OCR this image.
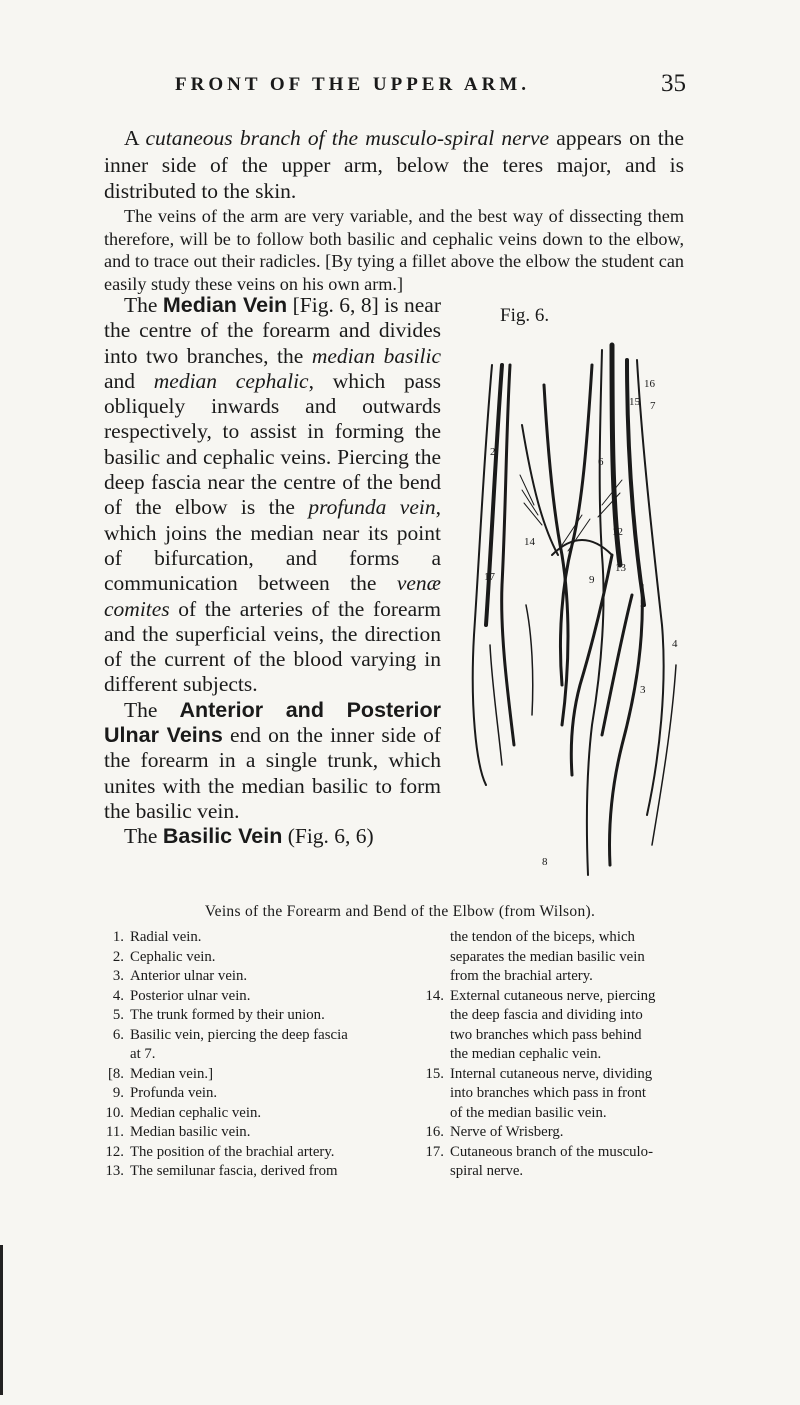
FRONT OF THE UPPER ARM.	35

A cutaneous branch of the musculo-spiral nerve appears on the inner side of the upper arm, below the teres major, and is distributed to the skin.

The veins of the arm are very variable, and the best way of dissecting them therefore, will be to follow both basilic and cephalic veins down to the elbow, and to trace out their radicles. [By tying a fillet above the elbow the student can easily study these veins on his own arm.]

The Median Vein [Fig. 6, 8] is near the centre of the forearm and divides into two branches, the median basilic and median cephalic, which pass obliquely inwards and outwards respectively, to assist in forming the basilic and cephalic veins. Piercing the deep fascia near the centre of the bend of the elbow is the profunda vein, which joins the median near its point of bifurcation, and forms a communication between the venæ comites of the arteries of the forearm and the superficial veins, the direction of the current of the blood varying in different subjects.

The Anterior and Posterior Ulnar Veins end on the inner side of the forearm in a single trunk, which unites with the median basilic to form the basilic vein.

The Basilic Vein (Fig. 6, 6)

Fig. 6.
16
15 7
2
14
12
17
6
9
13
5
4
3
8
Veins of the Forearm and Bend of the Elbow (from Wilson).
1. Radial vein.
2. Cephalic vein.
3. Anterior ulnar vein.
4. Posterior ulnar vein.
5. The trunk formed by their union.
6. Basilic vein, piercing the deep fascia
at 7.
[8. Median vein.]
9. Profunda vein.
10. Median cephalic vein.
11. Median basilic vein.
12. The position of the brachial artery.
13. The semilunar fascia, derived from
the tendon of the biceps, which
separates the median basilic vein
from the brachial artery.
14. External cutaneous nerve, piercing
the deep fascia and dividing into
two branches which pass behind
the median cephalic vein.
15. Internal cutaneous nerve, dividing
into branches which pass in front
of the median basilic vein.
16. Nerve of Wrisberg.
17. Cutaneous branch of the musculo-
spiral nerve.
